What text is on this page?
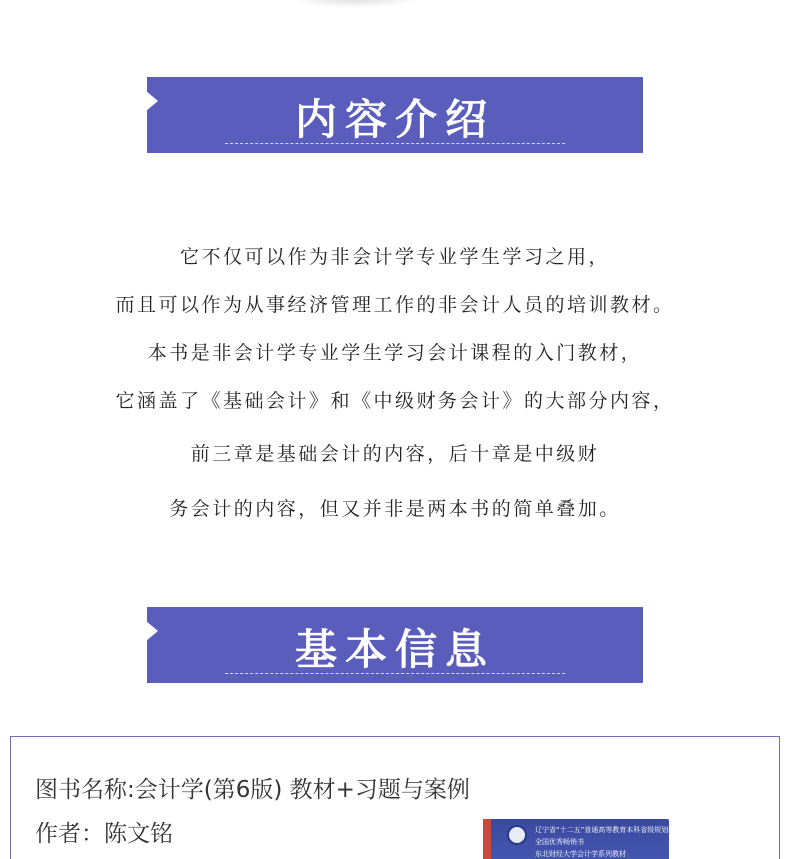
内容介绍
它不仅可以作为非会计学专业学生学习之用，
而且可以作为从事经济管理工作的非会计人员的培训教材。
本书是非会计学专业学生学习会计课程的入门教材，
它涵盖了《基础会计》和《中级财务会计》的大部分内容，
前三章是基础会计的内容，后十章是中级财
务会计的内容，但又并非是两本书的简单叠加。
基本信息
图书名称:会计学(第6版) 教材+习题与案例
作者：陈文铭	辽宁省“十二五”普通高等教育本科省级规划教材
全国优秀畅销书
东北财经大学会计学系列教材
